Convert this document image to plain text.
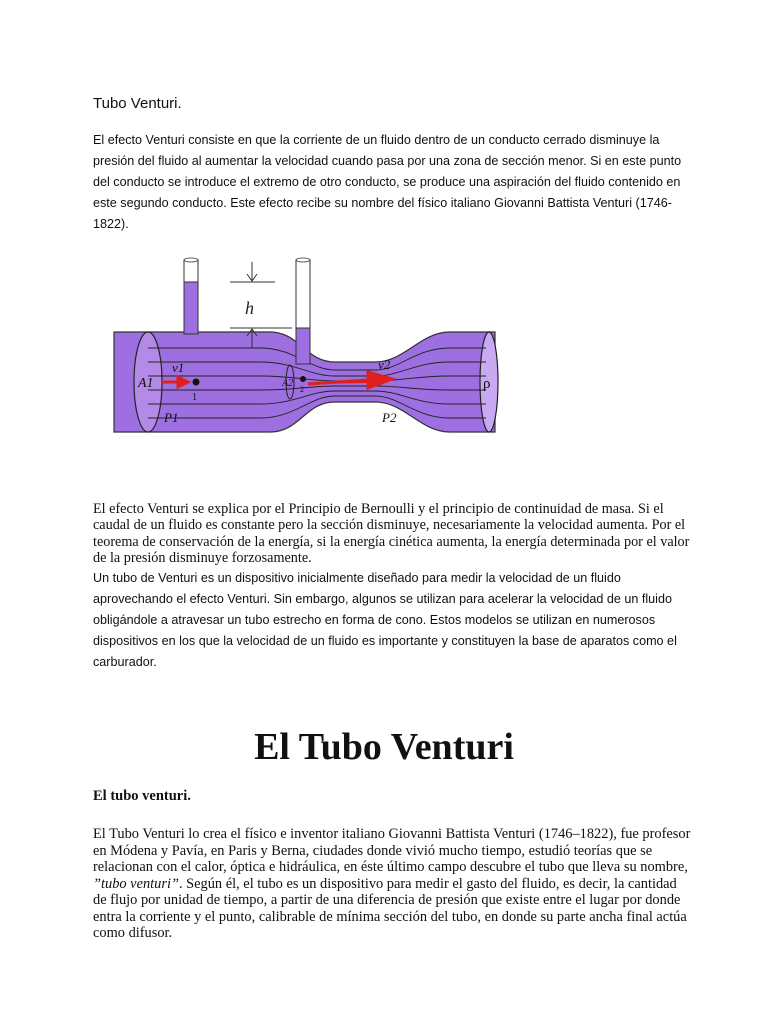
Tubo Venturi.

El efecto Venturi consiste en que la corriente de un fluido dentro de un conducto cerrado disminuye la presión del fluido al aumentar la velocidad cuando pasa por una zona de sección menor. Si en este punto del conducto se introduce el extremo de otro conducto, se produce una aspiración del fluido contenido en este segundo conducto. Este efecto recibe su nombre del físico italiano Giovanni Battista Venturi (1746-1822).

h
v1	v2
A1	A2
P1	P2
1
2	ρ

El efecto Venturi se explica por el Principio de Bernoulli y el principio de continuidad de masa. Si el caudal de un fluido es constante pero la sección disminuye, necesariamente la velocidad aumenta. Por el teorema de conservación de la energía, si la energía cinética aumenta, la energía determinada por el valor de la presión disminuye forzosamente.

Un tubo de Venturi es un dispositivo inicialmente diseñado para medir la velocidad de un fluido aprovechando el efecto Venturi. Sin embargo, algunos se utilizan para acelerar la velocidad de un fluido obligándole a atravesar un tubo estrecho en forma de cono. Estos modelos se utilizan en numerosos dispositivos en los que la velocidad de un fluido es importante y constituyen la base de aparatos como el carburador.

El Tubo Venturi
El tubo venturi.

El Tubo Venturi lo crea el físico e inventor italiano Giovanni Battista Venturi (1746–1822), fue profesor en Módena y Pavía, en Paris y Berna, ciudades donde vivió mucho tiempo, estudió teorías que se relacionan con el calor, óptica e hidráulica, en éste último campo descubre el tubo que lleva su nombre, ”tubo venturi”. Según él, el tubo es un dispositivo para medir el gasto del fluido, es decir, la cantidad de flujo por unidad de tiempo, a partir de una diferencia de presión que existe entre el lugar por donde entra la corriente y el punto, calibrable de mínima sección del tubo, en donde su parte ancha final actúa como difusor.
